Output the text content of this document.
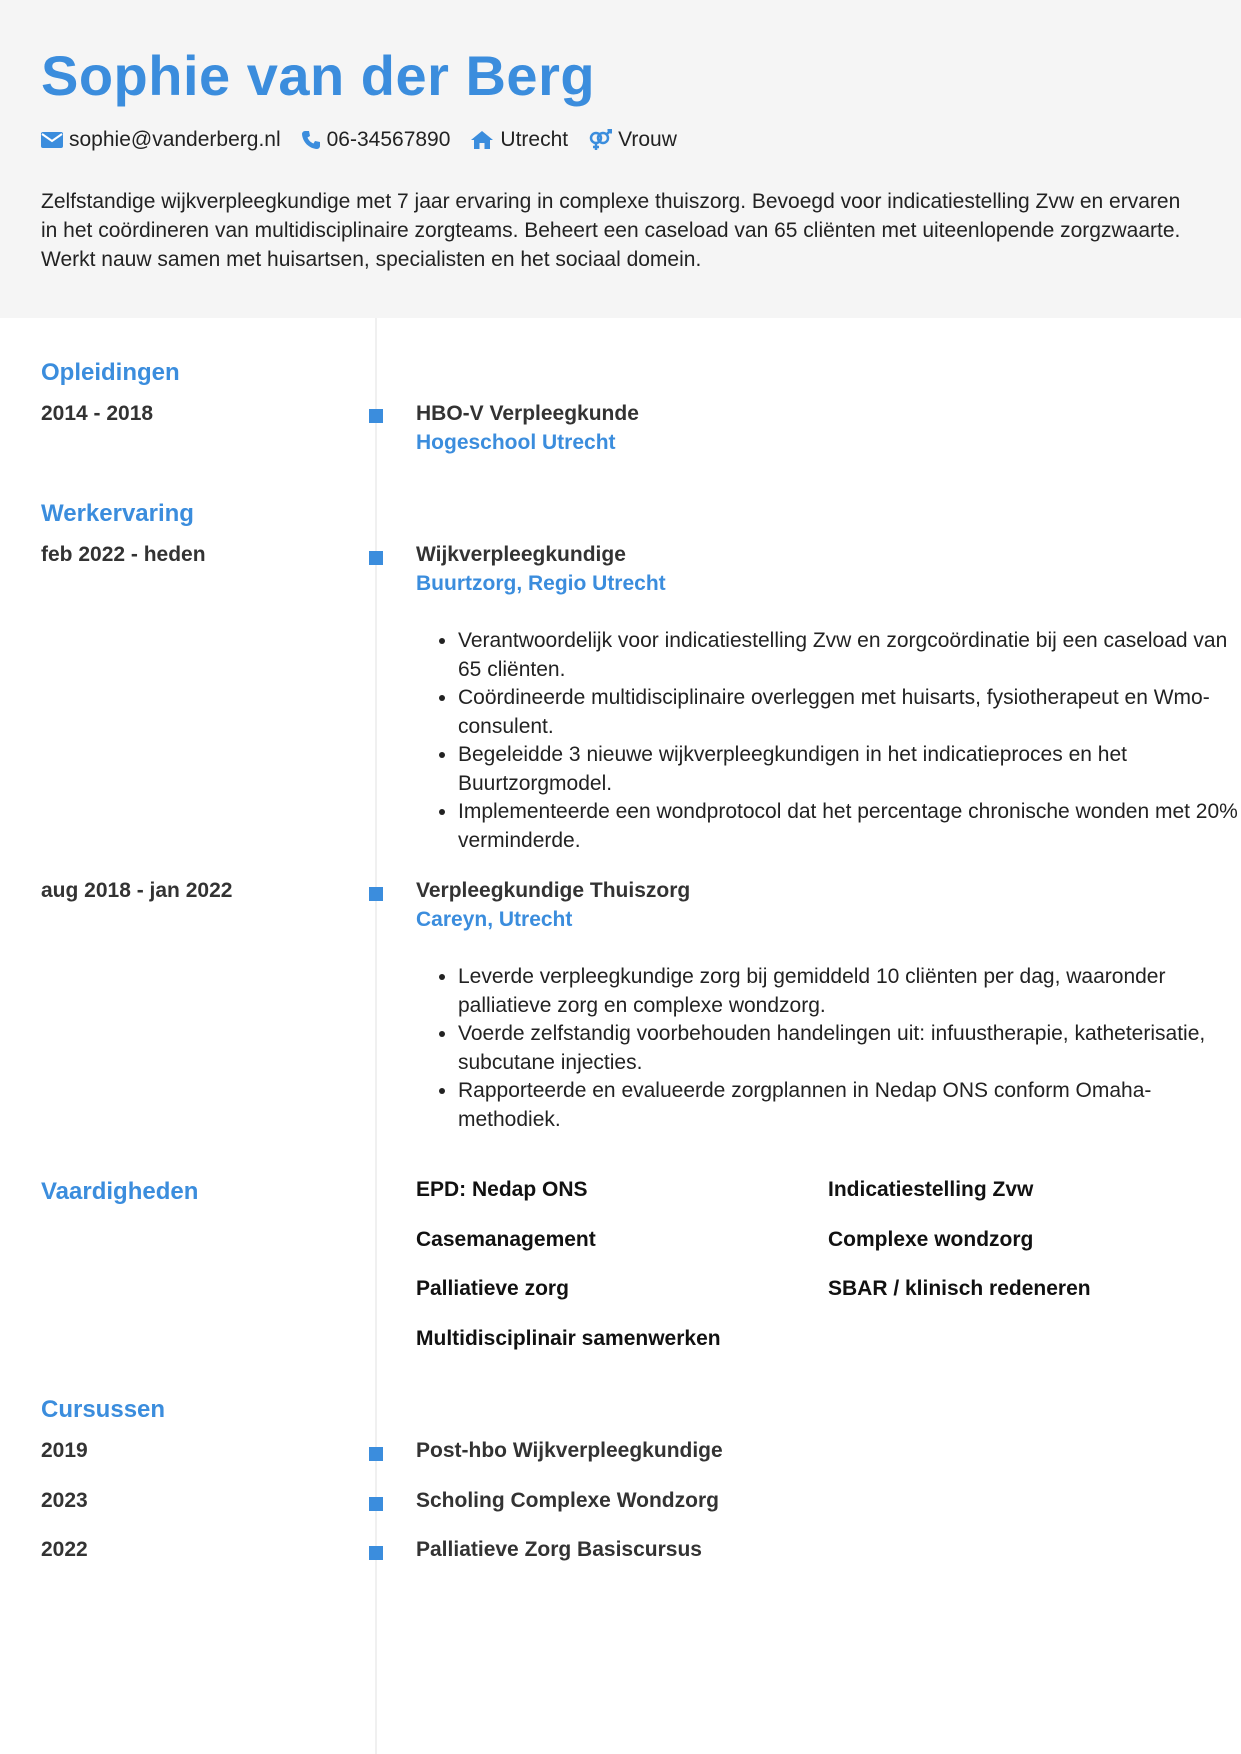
Sophie van der Berg
sophie@vanderberg.nl 06-34567890 Utrecht Vrouw

Zelfstandige wijkverpleegkundige met 7 jaar ervaring in complexe thuiszorg. Bevoegd voor indicatiestelling Zvw en ervaren in het coördineren van multidisciplinaire zorgteams. Beheert een caseload van 65 cliënten met uiteenlopende zorgzwaarte. Werkt nauw samen met huisartsen, specialisten en het sociaal domein.

Opleidingen
2014 - 2018	HBO-V Verpleegkunde
Hogeschool Utrecht
Werkervaring
feb 2022 - heden	Wijkverpleegkundige
Buurtzorg, Regio Utrecht
• Verantwoordelijk voor indicatiestelling Zvw en zorgcoördinatie bij een caseload van 65 cliënten.
• Coördineerde multidisciplinaire overleggen met huisarts, fysiotherapeut en Wmo-consulent.
• Begeleidde 3 nieuwe wijkverpleegkundigen in het indicatieproces en het Buurtzorgmodel.
• Implementeerde een wondprotocol dat het percentage chronische wonden met 20% verminderde.
aug 2018 - jan 2022	Verpleegkundige Thuiszorg
Careyn, Utrecht
• Leverde verpleegkundige zorg bij gemiddeld 10 cliënten per dag, waaronder palliatieve zorg en complexe wondzorg.
• Voerde zelfstandig voorbehouden handelingen uit: infuustherapie, katheterisatie, subcutane injecties.
• Rapporteerde en evalueerde zorgplannen in Nedap ONS conform Omaha-methodiek.
Vaardigheden	EPD: Nedap ONS	Indicatiestelling Zvw
Casemanagement	Complexe wondzorg
Palliatieve zorg	SBAR / klinisch redeneren
Multidisciplinair samenwerken
Cursussen
2019	Post-hbo Wijkverpleegkundige
2023	Scholing Complexe Wondzorg
2022	Palliatieve Zorg Basiscursus
